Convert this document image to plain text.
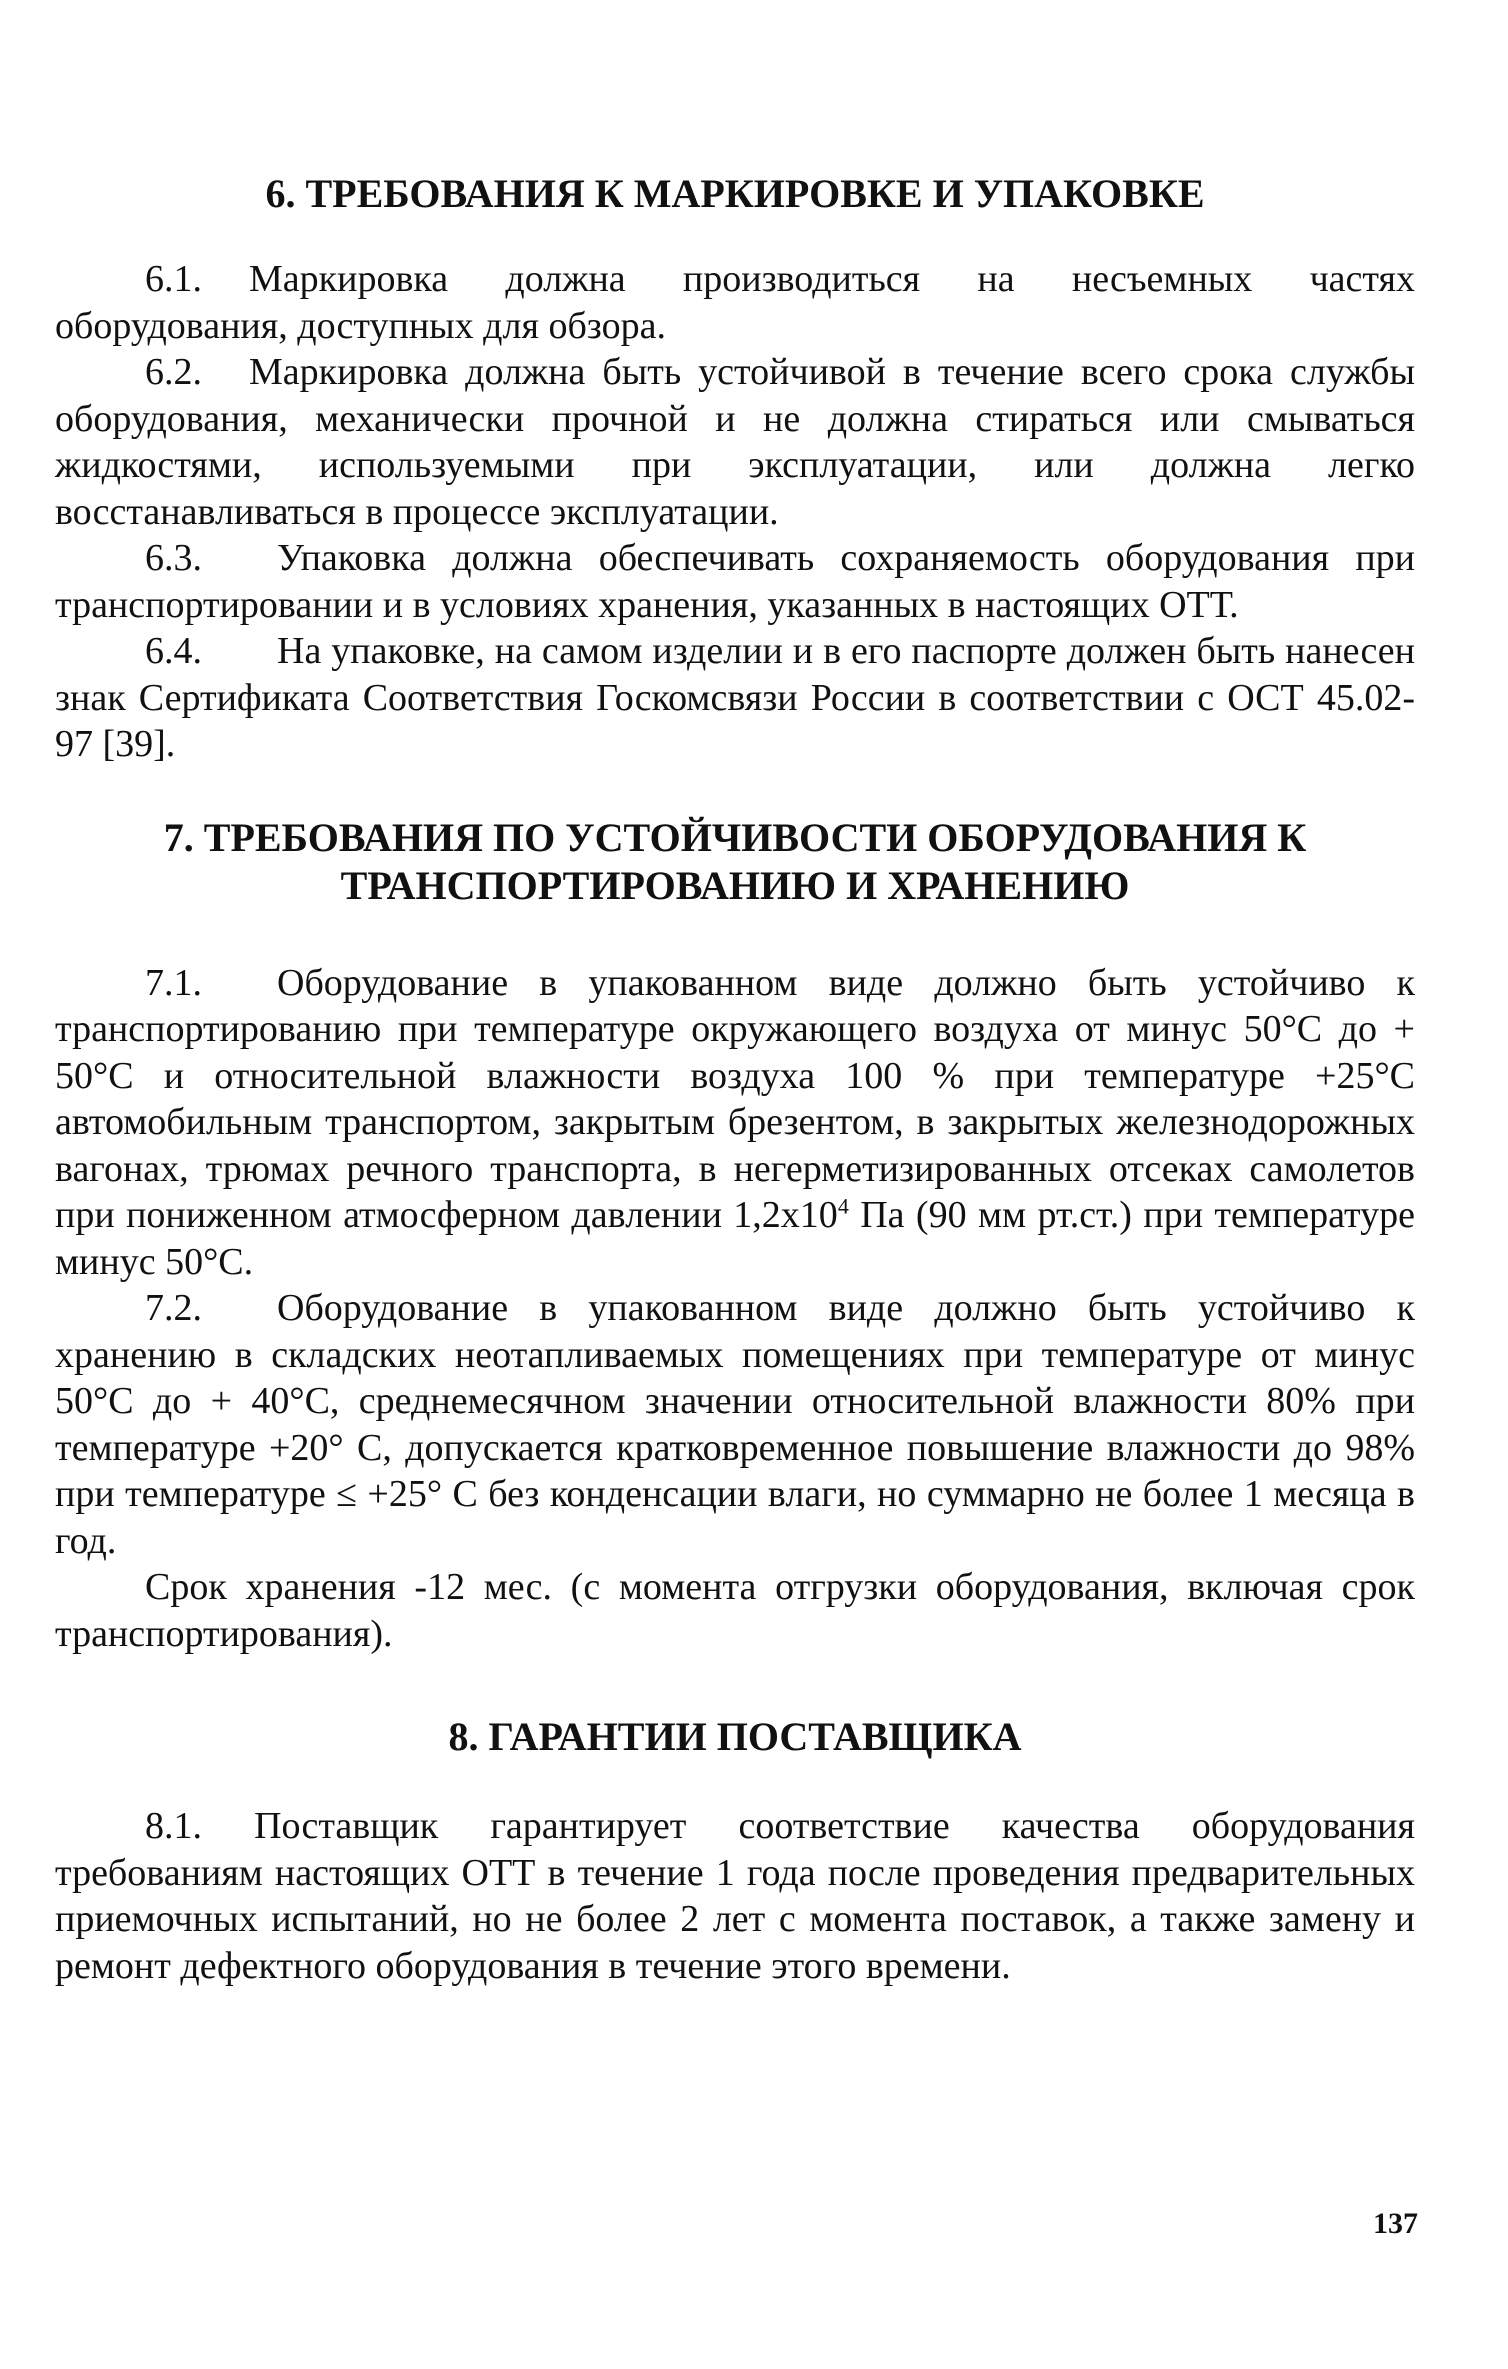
6. ТРЕБОВАНИЯ К МАРКИРОВКЕ И УПАКОВКЕ

6.1. Маркировка должна производиться на несъемных частях оборудования, доступных для обзора.

6.2. Маркировка должна быть устойчивой в течение всего срока службы оборудования, механически прочной и не должна стираться или смываться жидкостями, используемыми при эксплуатации, или должна легко восстанавливаться в процессе эксплуатации.

6.3. Упаковка должна обеспечивать сохраняемость оборудования при транспортировании и в условиях хранения, указанных в настоящих ОТТ.

6.4. На упаковке, на самом изделии и в его паспорте должен быть нанесен знак Сертификата Соответствия Госкомсвязи России в соответствии с ОСТ 45.02-97 [39].

7. ТРЕБОВАНИЯ ПО УСТОЙЧИВОСТИ ОБОРУДОВАНИЯ К
ТРАНСПОРТИРОВАНИЮ И ХРАНЕНИЮ

7.1. Оборудование в упакованном виде должно быть устойчиво к транспортированию при температуре окружающего воздуха от минус 50°С до + 50°С и относительной влажности воздуха 100 % при температуре +25°С автомобильным транспортом, закрытым брезентом, в закрытых железнодорожных вагонах, трюмах речного транспорта, в негерметизированных отсеках самолетов при пониженном атмосферном давлении $1,2х10^4$ Па (90 мм рт.ст.) при температуре минус 50°С.

7.2. Оборудование в упакованном виде должно быть устойчиво к хранению в складских неотапливаемых помещениях при температуре от минус 50°С до + 40°С, среднемесячном значении относительной влажности 80% при температуре +20° С, допускается кратковременное повышение влажности до 98% при температуре ≤ +25° С без конденсации влаги, но суммарно не более 1 месяца в год.

Срок хранения -12 мес. (с момента отгрузки оборудования, включая срок транспортирования).

8. ГАРАНТИИ ПОСТАВЩИКА

8.1. Поставщик гарантирует соответствие качества оборудования требованиям настоящих ОТТ в течение 1 года после проведения предварительных приемочных испытаний, но не более 2 лет с момента поставок, а также замену и ремонт дефектного оборудования в течение этого времени.

137
